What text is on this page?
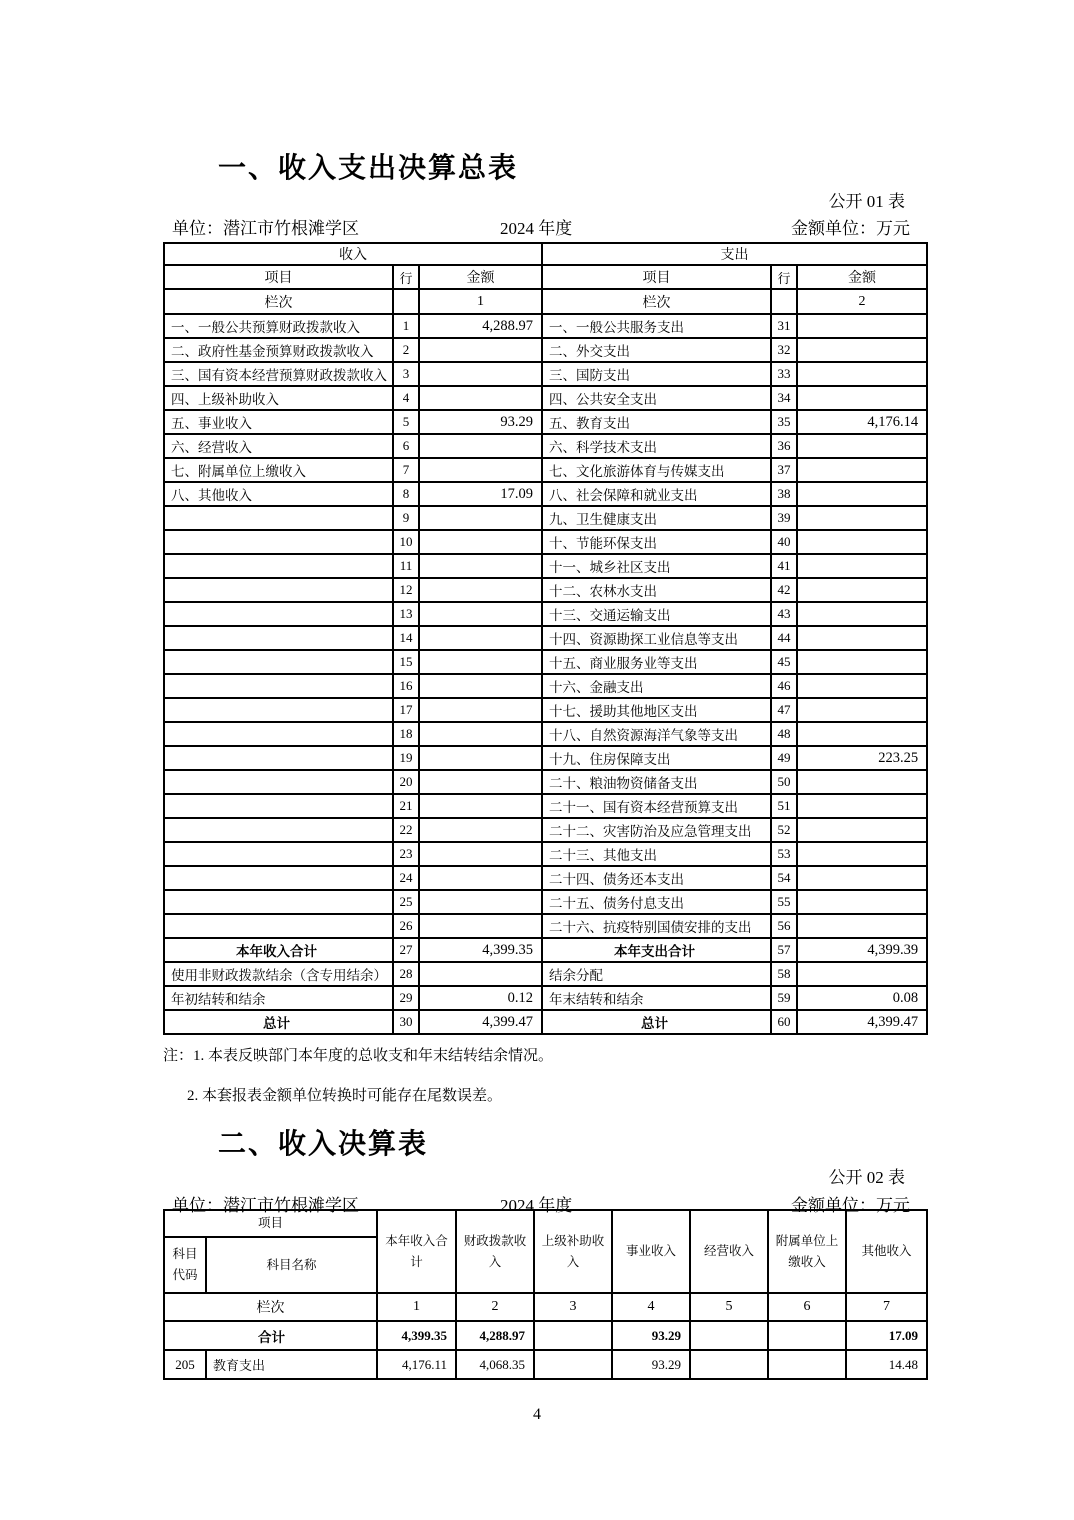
一、收入支出决算总表
公开 01 表
单位：潜江市竹根滩学区	2024 年度	金额单位：万元
收入			支出		
项目	行	金额	项目	行	金额
栏次		1	栏次		2
一、一般公共预算财政拨款收入	1	4,288.97	一、一般公共服务支出	31	
二、政府性基金预算财政拨款收入	2		二、外交支出	32	
三、国有资本经营预算财政拨款收入	3		三、国防支出	33	
四、上级补助收入	4		四、公共安全支出	34	
五、事业收入	5	93.29	五、教育支出	35	4,176.14
六、经营收入	6		六、科学技术支出	36	
七、附属单位上缴收入	7		七、文化旅游体育与传媒支出	37	
八、其他收入	8	17.09	八、社会保障和就业支出	38	
	9		九、卫生健康支出	39	
	10		十、节能环保支出	40	
	11		十一、城乡社区支出	41	
	12		十二、农林水支出	42	
	13		十三、交通运输支出	43	
	14		十四、资源勘探工业信息等支出	44	
	15		十五、商业服务业等支出	45	
	16		十六、金融支出	46	
	17		十七、援助其他地区支出	47	
	18		十八、自然资源海洋气象等支出	48	
	19		十九、住房保障支出	49	223.25
	20		二十、粮油物资储备支出	50	
	21		二十一、国有资本经营预算支出	51	
	22		二十二、灾害防治及应急管理支出	52	
	23		二十三、其他支出	53	
	24		二十四、债务还本支出	54	
	25		二十五、债务付息支出	55	
	26		二十六、抗疫特别国债安排的支出	56	
本年收入合计	27	4,399.35	本年支出合计	57	4,399.39
使用非财政拨款结余（含专用结余）	28		结余分配	58	
年初结转和结余	29	0.12	年末结转和结余	59	0.08
总计	30	4,399.47	总计	60	4,399.47
注：1. 本表反映部门本年度的总收支和年末结转结余情况。
2. 本套报表金额单位转换时可能存在尾数误差。
二、收入决算表
公开 02 表
单位：潜江市竹根滩学区	2024 年度	金额单位：万元
项目		本年收入合计	财政拨款收入	上级补助收入	事业收入	经营收入	附属单位上缴收入	其他收入
科目代码	科目名称							
栏次		1	2	3	4	5	6	7
合计		4,399.35	4,288.97		93.29			17.09
205	教育支出	4,176.11	4,068.35		93.29			14.48
4
